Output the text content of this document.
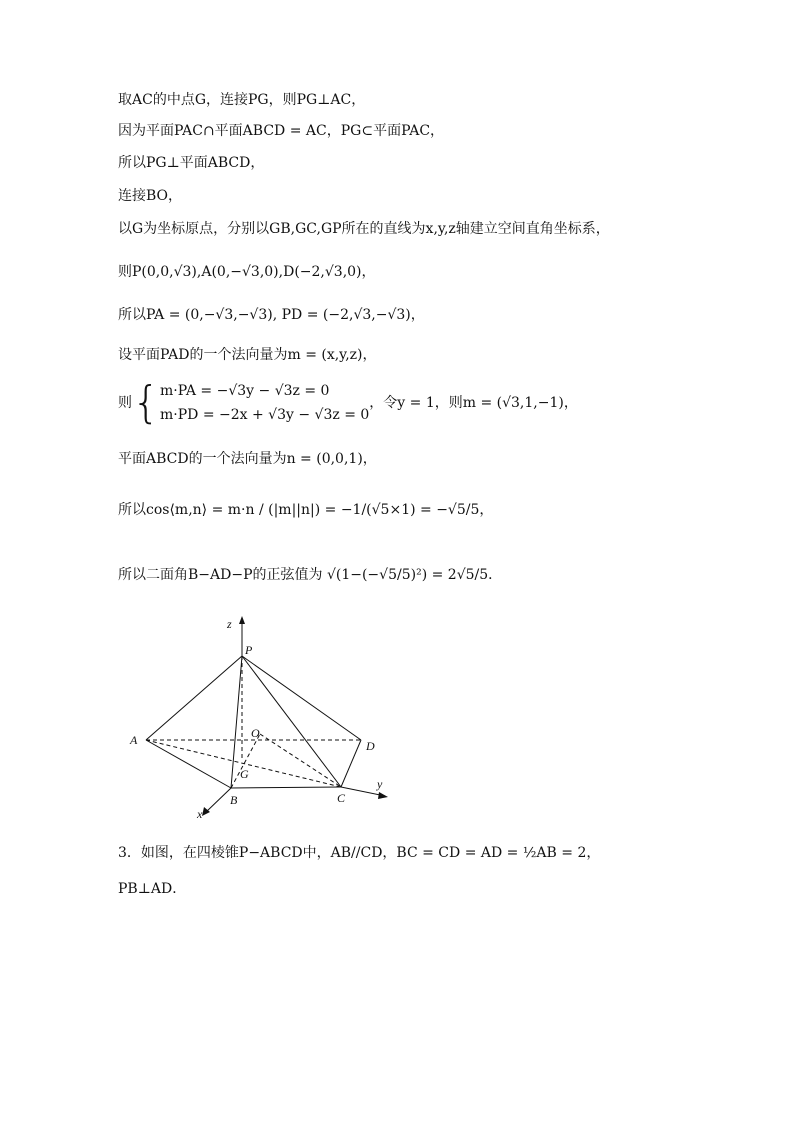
取AC的中点G，连接PG，则PG⊥AC，
因为平面PAC∩平面ABCD = AC，PG⊂平面PAC，
所以PG⊥平面ABCD，
连接BO，
以G为坐标原点，分别以GB,GC,GP所在的直线为x,y,z轴建立空间直角坐标系，
则P(0,0,√3),A(0,−√3,0),D(−2,√3,0)，
所以PA = (0,−√3,−√3), PD = (−2,√3,−√3)，
设平面PAD的一个法向量为m = (x,y,z)，
则{ m·PA = −√3y − √3z = 0
m·PD = −2x + √3y − √3z = 0
，令y = 1，则m = (√3,1,−1)，
平面ABCD的一个法向量为n = (0,0,1)，
所以cos⟨m,n⟩ = m·n / (|m||n|) = −1/(√5×1) = −√5/5，
所以二面角B−AD−P的正弦值为 √(1−(−√5/5)²) = 2√5/5．
z
P
A	O
D
G
B	C
x
y
3．如图，在四棱锥P−ABCD中，AB//CD，BC = CD = AD = ½AB = 2，
PB⊥AD．
